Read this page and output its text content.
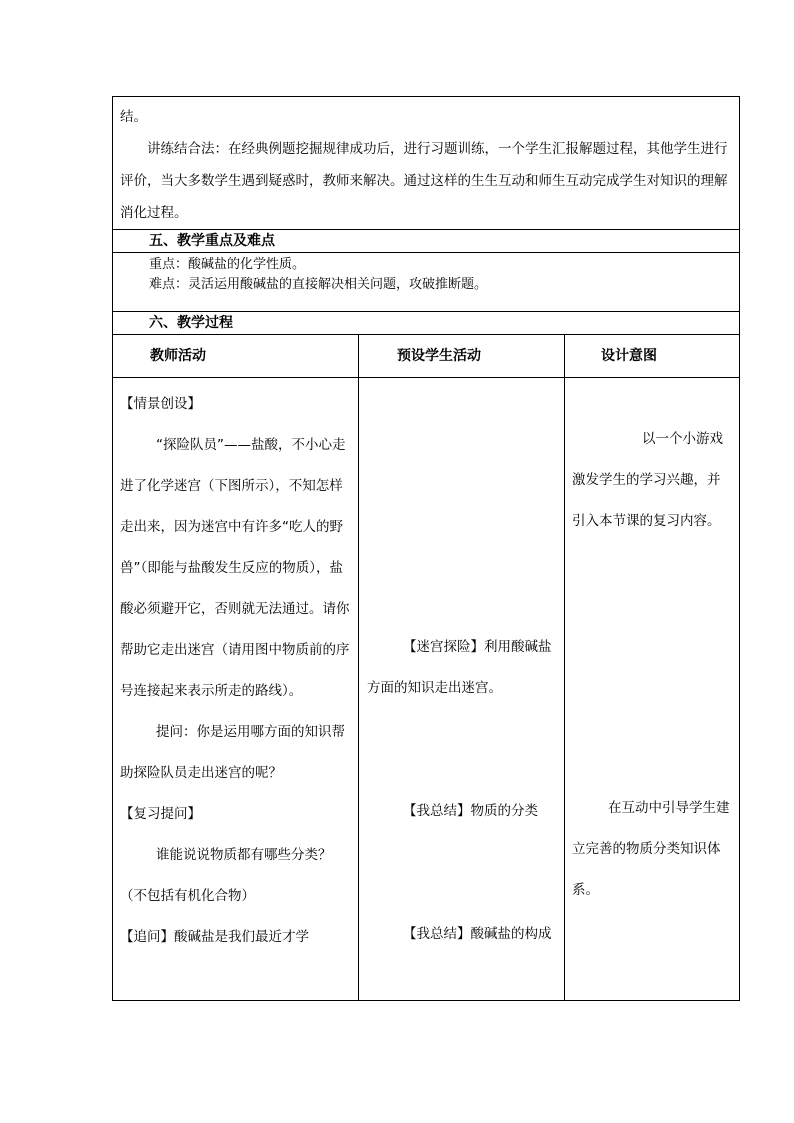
结。

讲练结合法：在经典例题挖掘规律成功后，进行习题训练，一个学生汇报解题过程，其他学生进行评价，当大多数学生遇到疑惑时，教师来解决。通过这样的生生互动和师生互动完成学生对知识的理解消化过程。

五、教学重点及难点

重点：酸碱盐的化学性质。

难点：灵活运用酸碱盐的直接解决相关问题，攻破推断题。

六、教学过程
教师活动	预设学生活动	设计意图

【情景创设】

“探险队员”——盐酸，不小心走进了化学迷宫（下图所示），不知怎样走出来，因为迷宫中有许多“吃人的野兽”（即能与盐酸发生反应的物质），盐酸必须避开它，否则就无法通过。请你帮助它走出迷宫（请用图中物质前的序号连接起来表示所走的路线）。

提问：你是运用哪方面的知识帮助探险队员走出迷宫的呢？

【复习提问】

谁能说说物质都有哪些分类？（不包括有机化合物）

【追问】酸碱盐是我们最近才学

【迷宫探险】利用酸碱盐方面的知识走出迷宫。

【我总结】物质的分类

【我总结】酸碱盐的构成

以一个小游戏激发学生的学习兴趣，并引入本节课的复习内容。

在互动中引导学生建立完善的物质分类知识体系。
